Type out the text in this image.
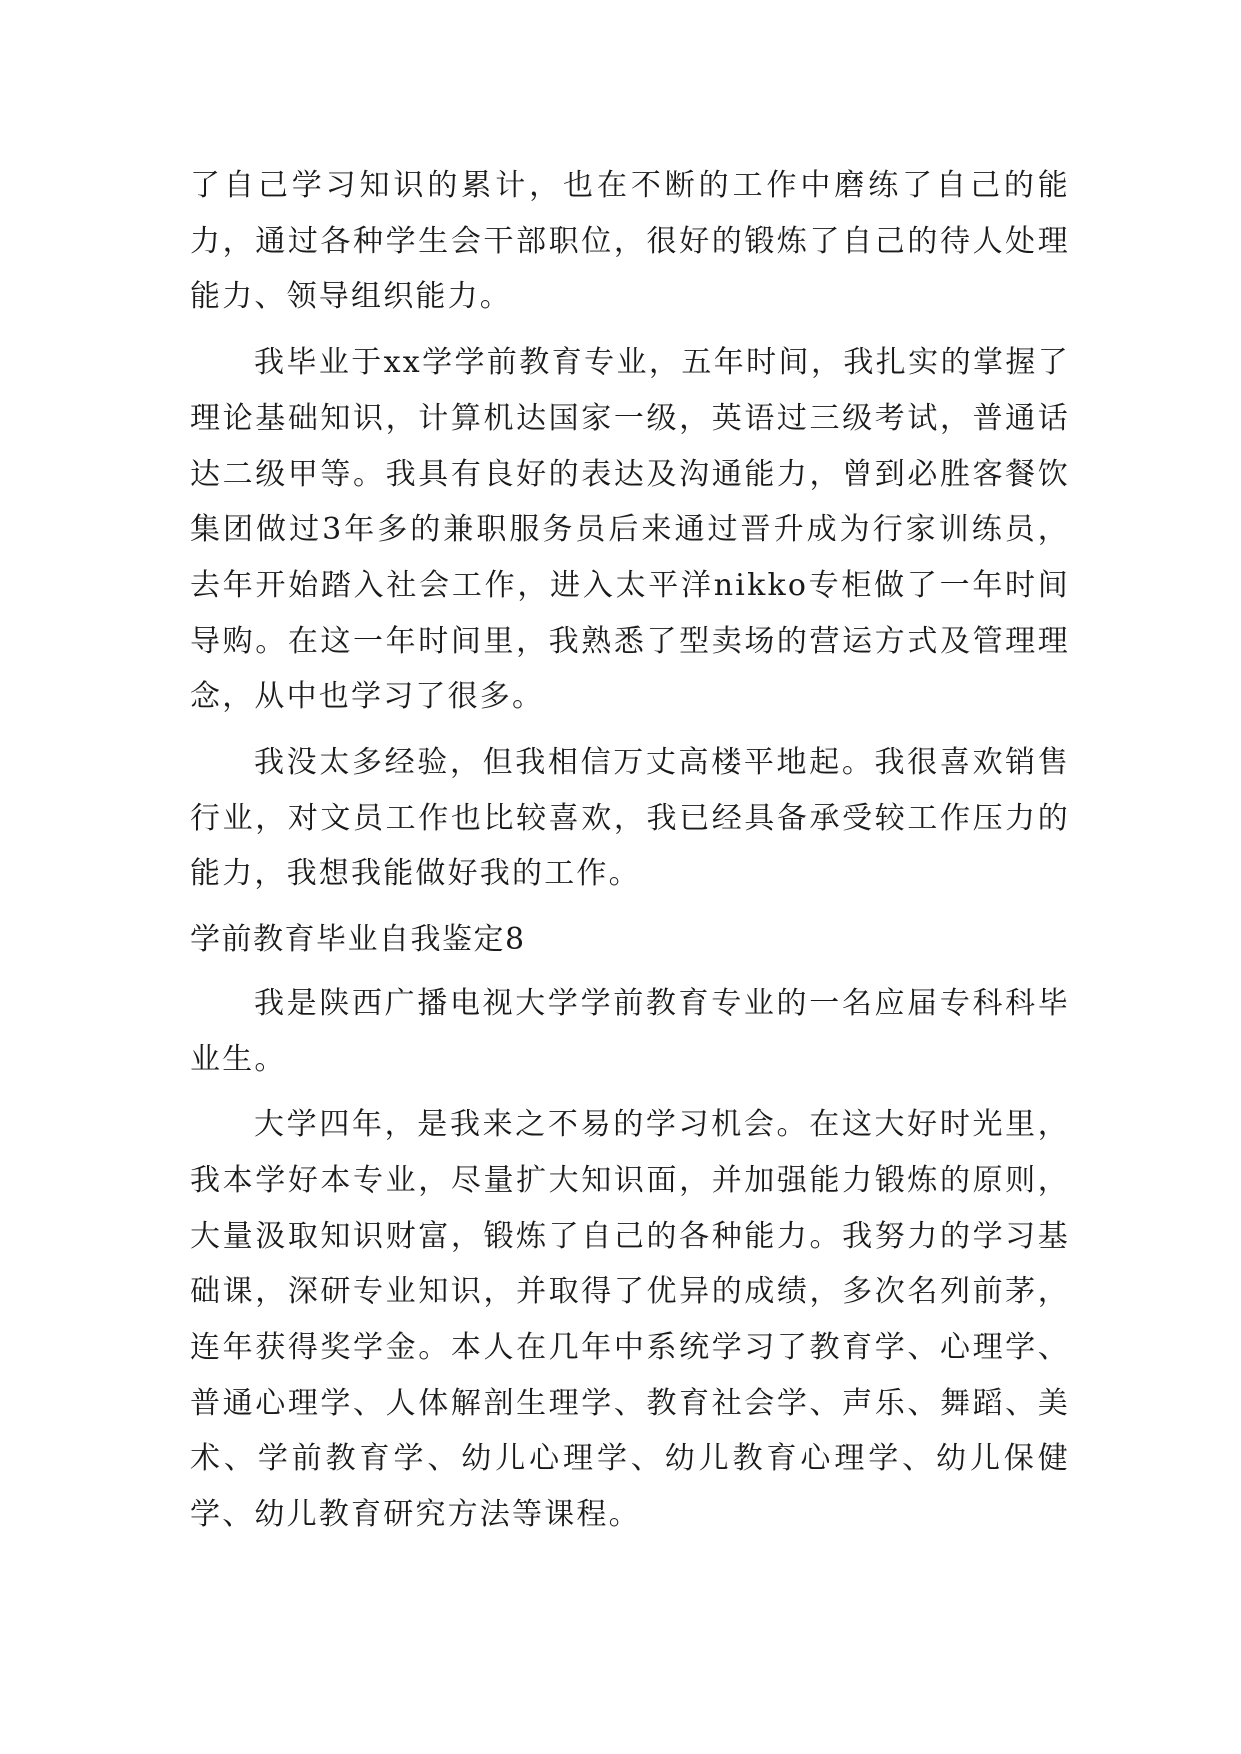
了自己学习知识的累计，也在不断的工作中磨练了自己的能力，通过各种学生会干部职位，很好的锻炼了自己的待人处理能力、领导组织能力。

我毕业于xx学学前教育专业，五年时间，我扎实的掌握了理论基础知识，计算机达国家一级，英语过三级考试，普通话达二级甲等。我具有良好的表达及沟通能力，曾到必胜客餐饮集团做过3年多的兼职服务员后来通过晋升成为行家训练员，去年开始踏入社会工作，进入太平洋nikko专柜做了一年时间导购。在这一年时间里，我熟悉了型卖场的营运方式及管理理念，从中也学习了很多。

我没太多经验，但我相信万丈高楼平地起。我很喜欢销售行业，对文员工作也比较喜欢，我已经具备承受较工作压力的能力，我想我能做好我的工作。

学前教育毕业自我鉴定8

我是陕西广播电视大学学前教育专业的一名应届专科科毕业生。

大学四年，是我来之不易的学习机会。在这大好时光里，我本学好本专业，尽量扩大知识面，并加强能力锻炼的原则，大量汲取知识财富，锻炼了自己的各种能力。我努力的学习基础课，深研专业知识，并取得了优异的成绩，多次名列前茅，连年获得奖学金。本人在几年中系统学习了教育学、心理学、普通心理学、人体解剖生理学、教育社会学、声乐、舞蹈、美术、学前教育学、幼儿心理学、幼儿教育心理学、幼儿保健学、幼儿教育研究方法等课程。
